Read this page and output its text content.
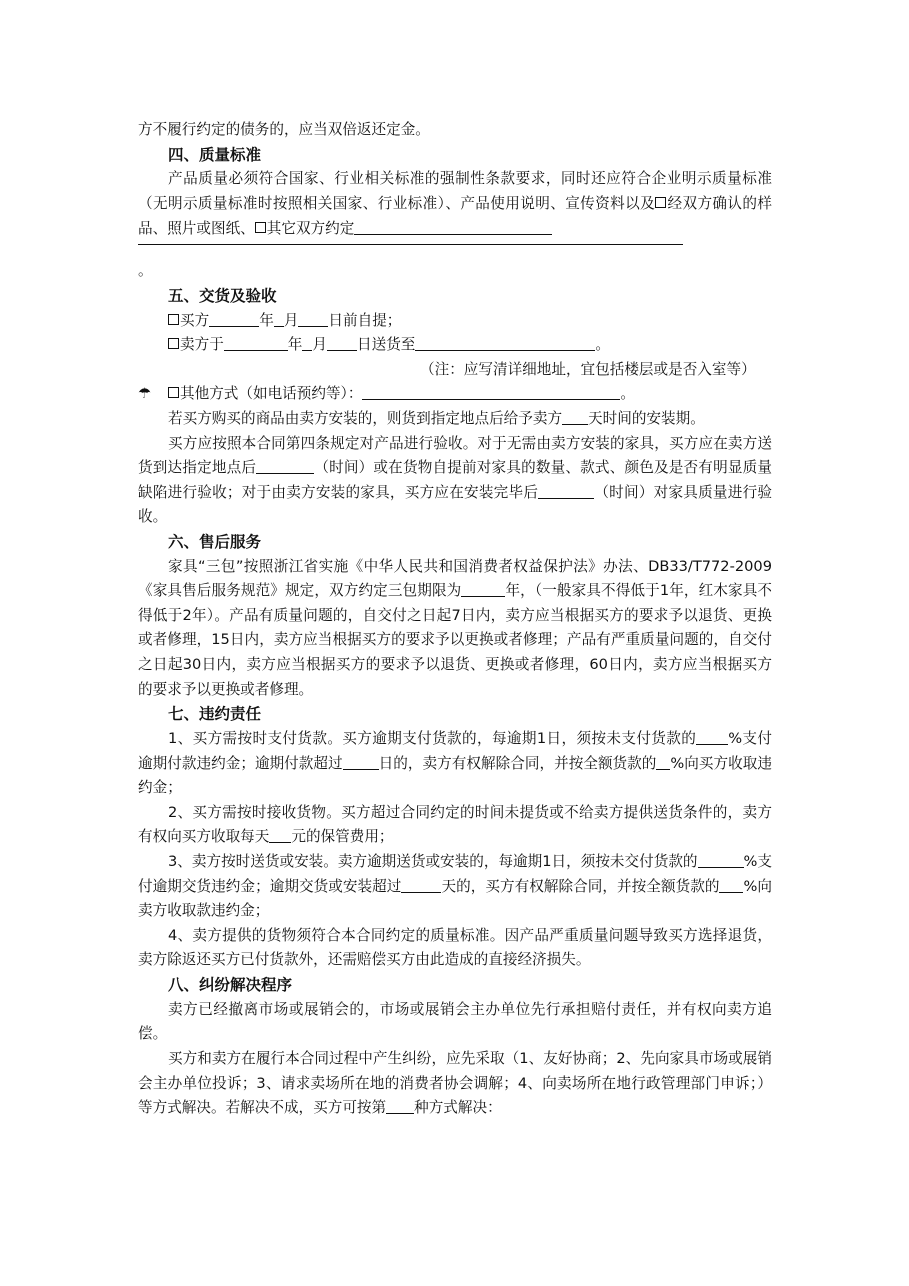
方不履行约定的债务的，应当双倍返还定金。

四、质量标准

产品质量必须符合国家、行业相关标准的强制性条款要求，同时还应符合企业明示质量标准（无明示质量标准时按照相关国家、行业标准）、产品使用说明、宣传资料以及 经双方确认的样品、照片或图纸、 其它双方约定

。

五、交货及验收

买方	年 月 日前自提；

卖方于	年 月 日送货至	。

（注：应写清详细地址，宜包括楼层或是否入室等）

☂ 其他方式（如电话预约等）：	。

若买方购买的商品由卖方安装的，则货到指定地点后给予卖方 天时间的安装期。

买方应按照本合同第四条规定对产品进行验收。对于无需由卖方安装的家具，买方应在卖方送货到达指定地点后	（时间）或在货物自提前对家具的数量、款式、颜色及是否有明显质量缺陷进行验收；对于由卖方安装的家具，买方应在安装完毕后	（时间）对家具质量进行验收。

六、售后服务

家具“三包”按照浙江省实施《中华人民共和国消费者权益保护法》办法、DB33/T772-2009《家具售后服务规范》规定，双方约定三包期限为	年，（一般家具不得低于1年，红木家具不得低于2年）。产品有质量问题的，自交付之日起7日内，卖方应当根据买方的要求予以退货、更换或者修理，15日内，卖方应当根据买方的要求予以更换或者修理；产品有严重质量问题的，自交付之日起30日内，卖方应当根据买方的要求予以退货、更换或者修理，60日内，卖方应当根据买方的要求予以更换或者修理。

七、违约责任

1、买方需按时支付货款。买方逾期支付货款的，每逾期1日，须按未支付货款的 %支付逾期付款违约金；逾期付款超过 日的，卖方有权解除合同，并按全额货款的 %向买方收取违约金；

2、买方需按时接收货物。买方超过合同约定的时间未提货或不给卖方提供送货条件的，卖方有权向买方收取每天 元的保管费用；

3、卖方按时送货或安装。卖方逾期送货或安装的，每逾期1日，须按未交付货款的	%支付逾期交货违约金；逾期交货或安装超过	天的，买方有权解除合同，并按全额货款的 %向卖方收取款违约金；

4、卖方提供的货物须符合本合同约定的质量标准。因产品严重质量问题导致买方选择退货，卖方除返还买方已付货款外，还需赔偿买方由此造成的直接经济损失。

八、纠纷解决程序

卖方已经撤离市场或展销会的，市场或展销会主办单位先行承担赔付责任，并有权向卖方追偿。

买方和卖方在履行本合同过程中产生纠纷，应先采取（1、友好协商；2、先向家具市场或展销会主办单位投诉；3、请求卖场所在地的消费者协会调解；4、向卖场所在地行政管理部门申诉；）等方式解决。若解决不成，买方可按第 种方式解决：
